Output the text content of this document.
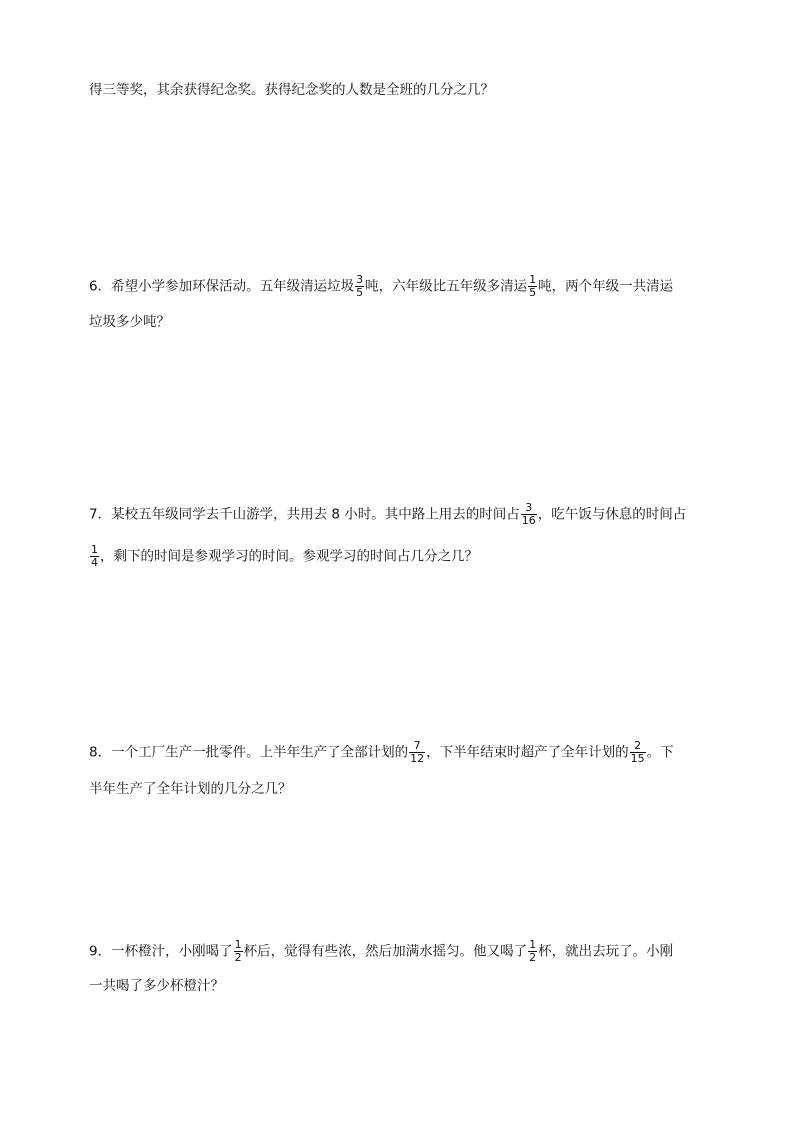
得三等奖，其余获得纪念奖。获得纪念奖的人数是全班的几分之几？
6．希望小学参加环保活动。五年级清运垃圾 $\frac{3}{5}$ 吨，六年级比五年级多清运 $\frac{1}{5}$ 吨，两个年级一共清运
垃圾多少吨？
7．某校五年级同学去千山游学，共用去 8 小时。其中路上用去的时间占 $\frac{3}{16}$ ，吃午饭与休息的时间占
$\frac{1}{4}$ ，剩下的时间是参观学习的时间。参观学习的时间占几分之几？
8．一个工厂生产一批零件。上半年生产了全部计划的 $\frac{7}{12}$ ，下半年结束时超产了全年计划的 $\frac{2}{15}$ 。下
半年生产了全年计划的几分之几？
9．一杯橙汁，小刚喝了 $\frac{1}{2}$ 杯后，觉得有些浓，然后加满水摇匀。他又喝了 $\frac{1}{2}$ 杯，就出去玩了。小刚
一共喝了多少杯橙汁？
